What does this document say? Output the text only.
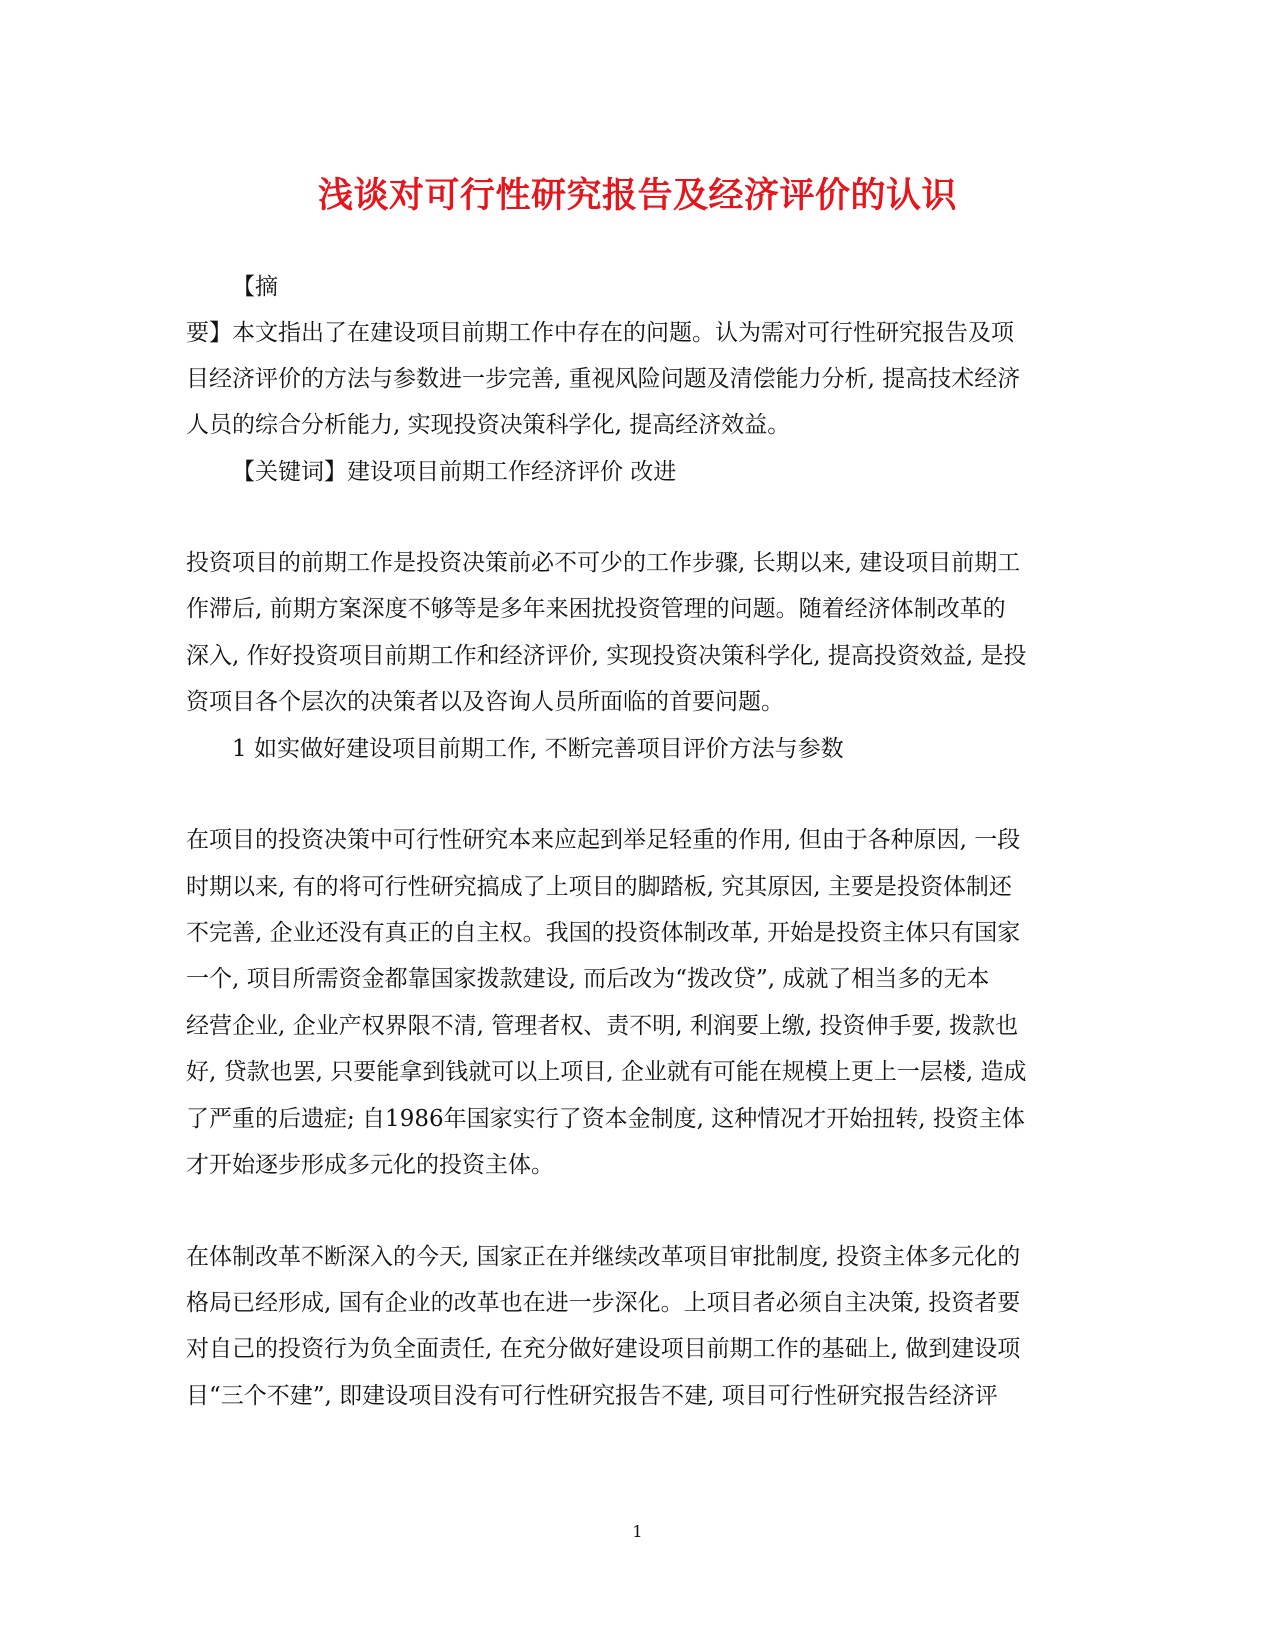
浅谈对可行性研究报告及经济评价的认识
【摘
要】本文指出了在建设项目前期工作中存在的问题。认为需对可行性研究报告及项
目经济评价的方法与参数进一步完善, 重视风险问题及清偿能力分析, 提高技术经济
人员的综合分析能力, 实现投资决策科学化, 提高经济效益。
【关键词】建设项目前期工作经济评价 改进
投资项目的前期工作是投资决策前必不可少的工作步骤, 长期以来, 建设项目前期工
作滞后, 前期方案深度不够等是多年来困扰投资管理的问题。随着经济体制改革的
深入, 作好投资项目前期工作和经济评价, 实现投资决策科学化, 提高投资效益, 是投
资项目各个层次的决策者以及咨询人员所面临的首要问题。
1 如实做好建设项目前期工作, 不断完善项目评价方法与参数
在项目的投资决策中可行性研究本来应起到举足轻重的作用, 但由于各种原因, 一段
时期以来, 有的将可行性研究搞成了上项目的脚踏板, 究其原因, 主要是投资体制还
不完善, 企业还没有真正的自主权。我国的投资体制改革, 开始是投资主体只有国家
一个, 项目所需资金都靠国家拨款建设, 而后改为“拨改贷”, 成就了相当多的无本
经营企业, 企业产权界限不清, 管理者权、责不明, 利润要上缴, 投资伸手要, 拨款也
好, 贷款也罢, 只要能拿到钱就可以上项目, 企业就有可能在规模上更上一层楼, 造成
了严重的后遗症; 自1986年国家实行了资本金制度, 这种情况才开始扭转, 投资主体
才开始逐步形成多元化的投资主体。
在体制改革不断深入的今天, 国家正在并继续改革项目审批制度, 投资主体多元化的
格局已经形成, 国有企业的改革也在进一步深化。上项目者必须自主决策, 投资者要
对自己的投资行为负全面责任, 在充分做好建设项目前期工作的基础上, 做到建设项
目“三个不建”, 即建设项目没有可行性研究报告不建, 项目可行性研究报告经济评
1
